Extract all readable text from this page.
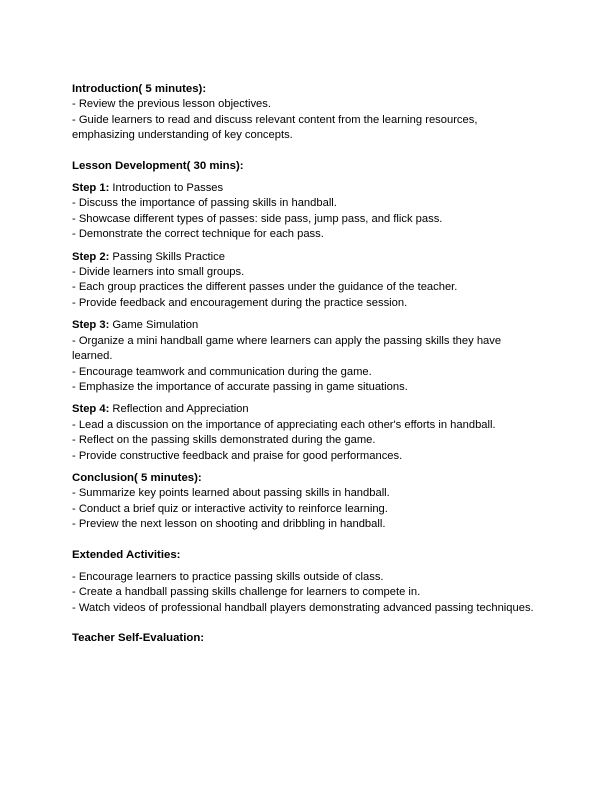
Introduction( 5 minutes):

- Review the previous lesson objectives.

- Guide learners to read and discuss relevant content from the learning resources, emphasizing understanding of key concepts.

Lesson Development( 30 mins):

Step 1: Introduction to Passes

- Discuss the importance of passing skills in handball.

- Showcase different types of passes: side pass, jump pass, and flick pass.

- Demonstrate the correct technique for each pass.

Step 2: Passing Skills Practice

- Divide learners into small groups.

- Each group practices the different passes under the guidance of the teacher.

- Provide feedback and encouragement during the practice session.

Step 3: Game Simulation

- Organize a mini handball game where learners can apply the passing skills they have learned.

- Encourage teamwork and communication during the game.

- Emphasize the importance of accurate passing in game situations.

Step 4: Reflection and Appreciation

- Lead a discussion on the importance of appreciating each other's efforts in handball.

- Reflect on the passing skills demonstrated during the game.

- Provide constructive feedback and praise for good performances.

Conclusion( 5 minutes):

- Summarize key points learned about passing skills in handball.

- Conduct a brief quiz or interactive activity to reinforce learning.

- Preview the next lesson on shooting and dribbling in handball.

Extended Activities:

- Encourage learners to practice passing skills outside of class.

- Create a handball passing skills challenge for learners to compete in.

- Watch videos of professional handball players demonstrating advanced passing techniques.

Teacher Self-Evaluation:
